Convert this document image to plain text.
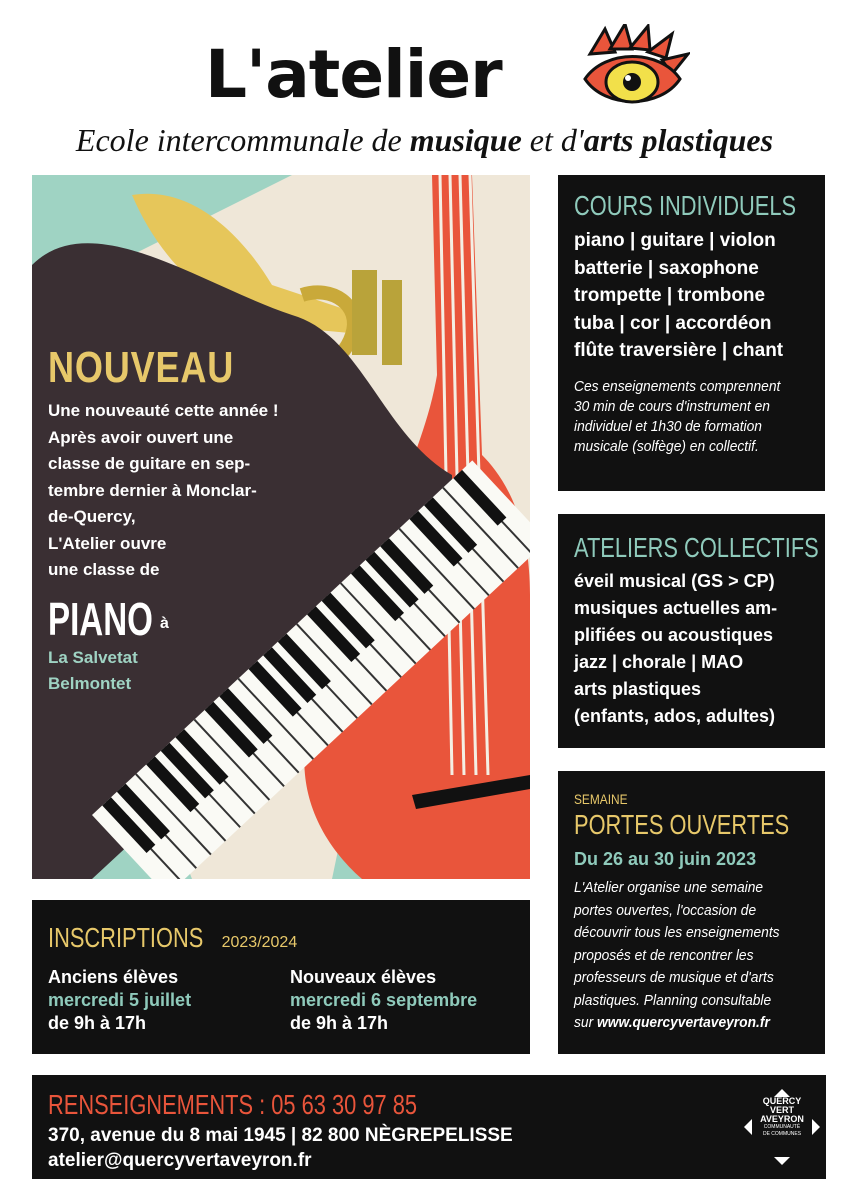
L'atelier
Ecole intercommunale de musique et d'arts plastiques
NOUVEAU
Une nouveauté cette année !
Après avoir ouvert une
classe de guitare en sep-
tembre dernier à Monclar-
de-Quercy,
L'Atelier ouvre
une classe de
PIANO à
La Salvetat
Belmontet
COURS INDIVIDUELS
piano | guitare | violon
batterie | saxophone
trompette | trombone
tuba | cor | accordéon
flûte traversière | chant
Ces enseignements comprennent
30 min de cours d'instrument en
individuel et 1h30 de formation
musicale (solfège) en collectif.
ATELIERS COLLECTIFS
éveil musical (GS > CP)
musiques actuelles am-
plifiées ou acoustiques
jazz | chorale | MAO
arts plastiques
(enfants, ados, adultes)
SEMAINE
PORTES OUVERTES
Du 26 au 30 juin 2023
L'Atelier organise une semaine
portes ouvertes, l'occasion de
découvrir tous les enseignements
proposés et de rencontrer les
professeurs de musique et d'arts
plastiques. Planning consultable
sur www.quercyvertaveyron.fr
INSCRIPTIONS 2023/2024
Anciens élèves
mercredi 5 juillet
de 9h à 17h
Nouveaux élèves
mercredi 6 septembre
de 9h à 17h
RENSEIGNEMENTS : 05 63 30 97 85
370, avenue du 8 mai 1945 | 82 800 NÈGREPELISSE
atelier@quercyvertaveyron.fr
QUERCY
VERT
AVEYRON
COMMUNAUTÉ
DE COMMUNES
